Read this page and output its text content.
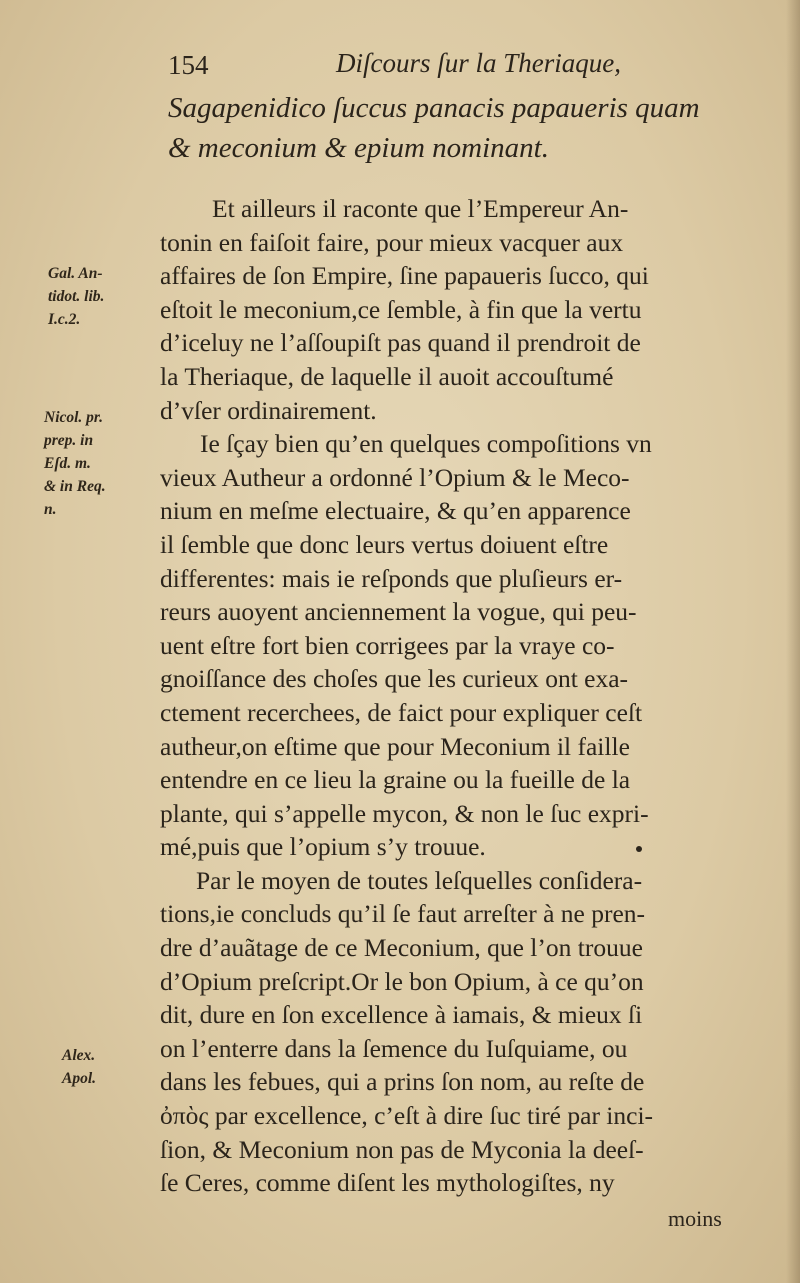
154	Diſcours ſur la Theriaque,
Sagapenidico ſuccus panacis papaueris quam
& meconium & epium nominant.
Et ailleurs il raconte que l’Empereur An-
tonin en faiſoit faire, pour mieux vacquer aux
affaires de ſon Empire, ſine papaueris ſucco, qui
eſtoit le meconium,ce ſemble, à fin que la vertu
d’iceluy ne l’aſſoupiſt pas quand il prendroit de
la Theriaque, de laquelle il auoit accouſtumé
d’vſer ordinairement.
Ie ſçay bien qu’en quelques compoſitions vn
vieux Autheur a ordonné l’Opium & le Meco-
nium en meſme electuaire, & qu’en apparence
il ſemble que donc leurs vertus doiuent eſtre
differentes: mais ie reſponds que pluſieurs er-
reurs auoyent anciennement la vogue, qui peu-
uent eſtre fort bien corrigees par la vraye co-
gnoiſſance des choſes que les curieux ont exa-
ctement recerchees, de faict pour expliquer ceſt
autheur,on eſtime que pour Meconium il faille
entendre en ce lieu la graine ou la fueille de la
plante, qui s’appelle mycon, & non le ſuc expri-
mé,puis que l’opium s’y trouue.
Par le moyen de toutes leſquelles conſidera-
tions,ie concluds qu’il ſe faut arreſter à ne pren-
dre d’auãtage de ce Meconium, que l’on trouue
d’Opium preſcript.Or le bon Opium, à ce qu’on
dit, dure en ſon excellence à iamais, & mieux ſi
on l’enterre dans la ſemence du Iuſquiame, ou
dans les febues, qui a prins ſon nom, au reſte de
ὀπὸς par excellence, c’eſt à dire ſuc tiré par inci-
ſion, & Meconium non pas de Myconia la deeſ-
ſe Ceres, comme diſent les mythologiſtes, ny
Gal. An-
tidot. lib.
I.c.2.
Nicol. pr.
prep. in
Eſd. m.
& in Req.
n.
Alex.
Apol.
moins
